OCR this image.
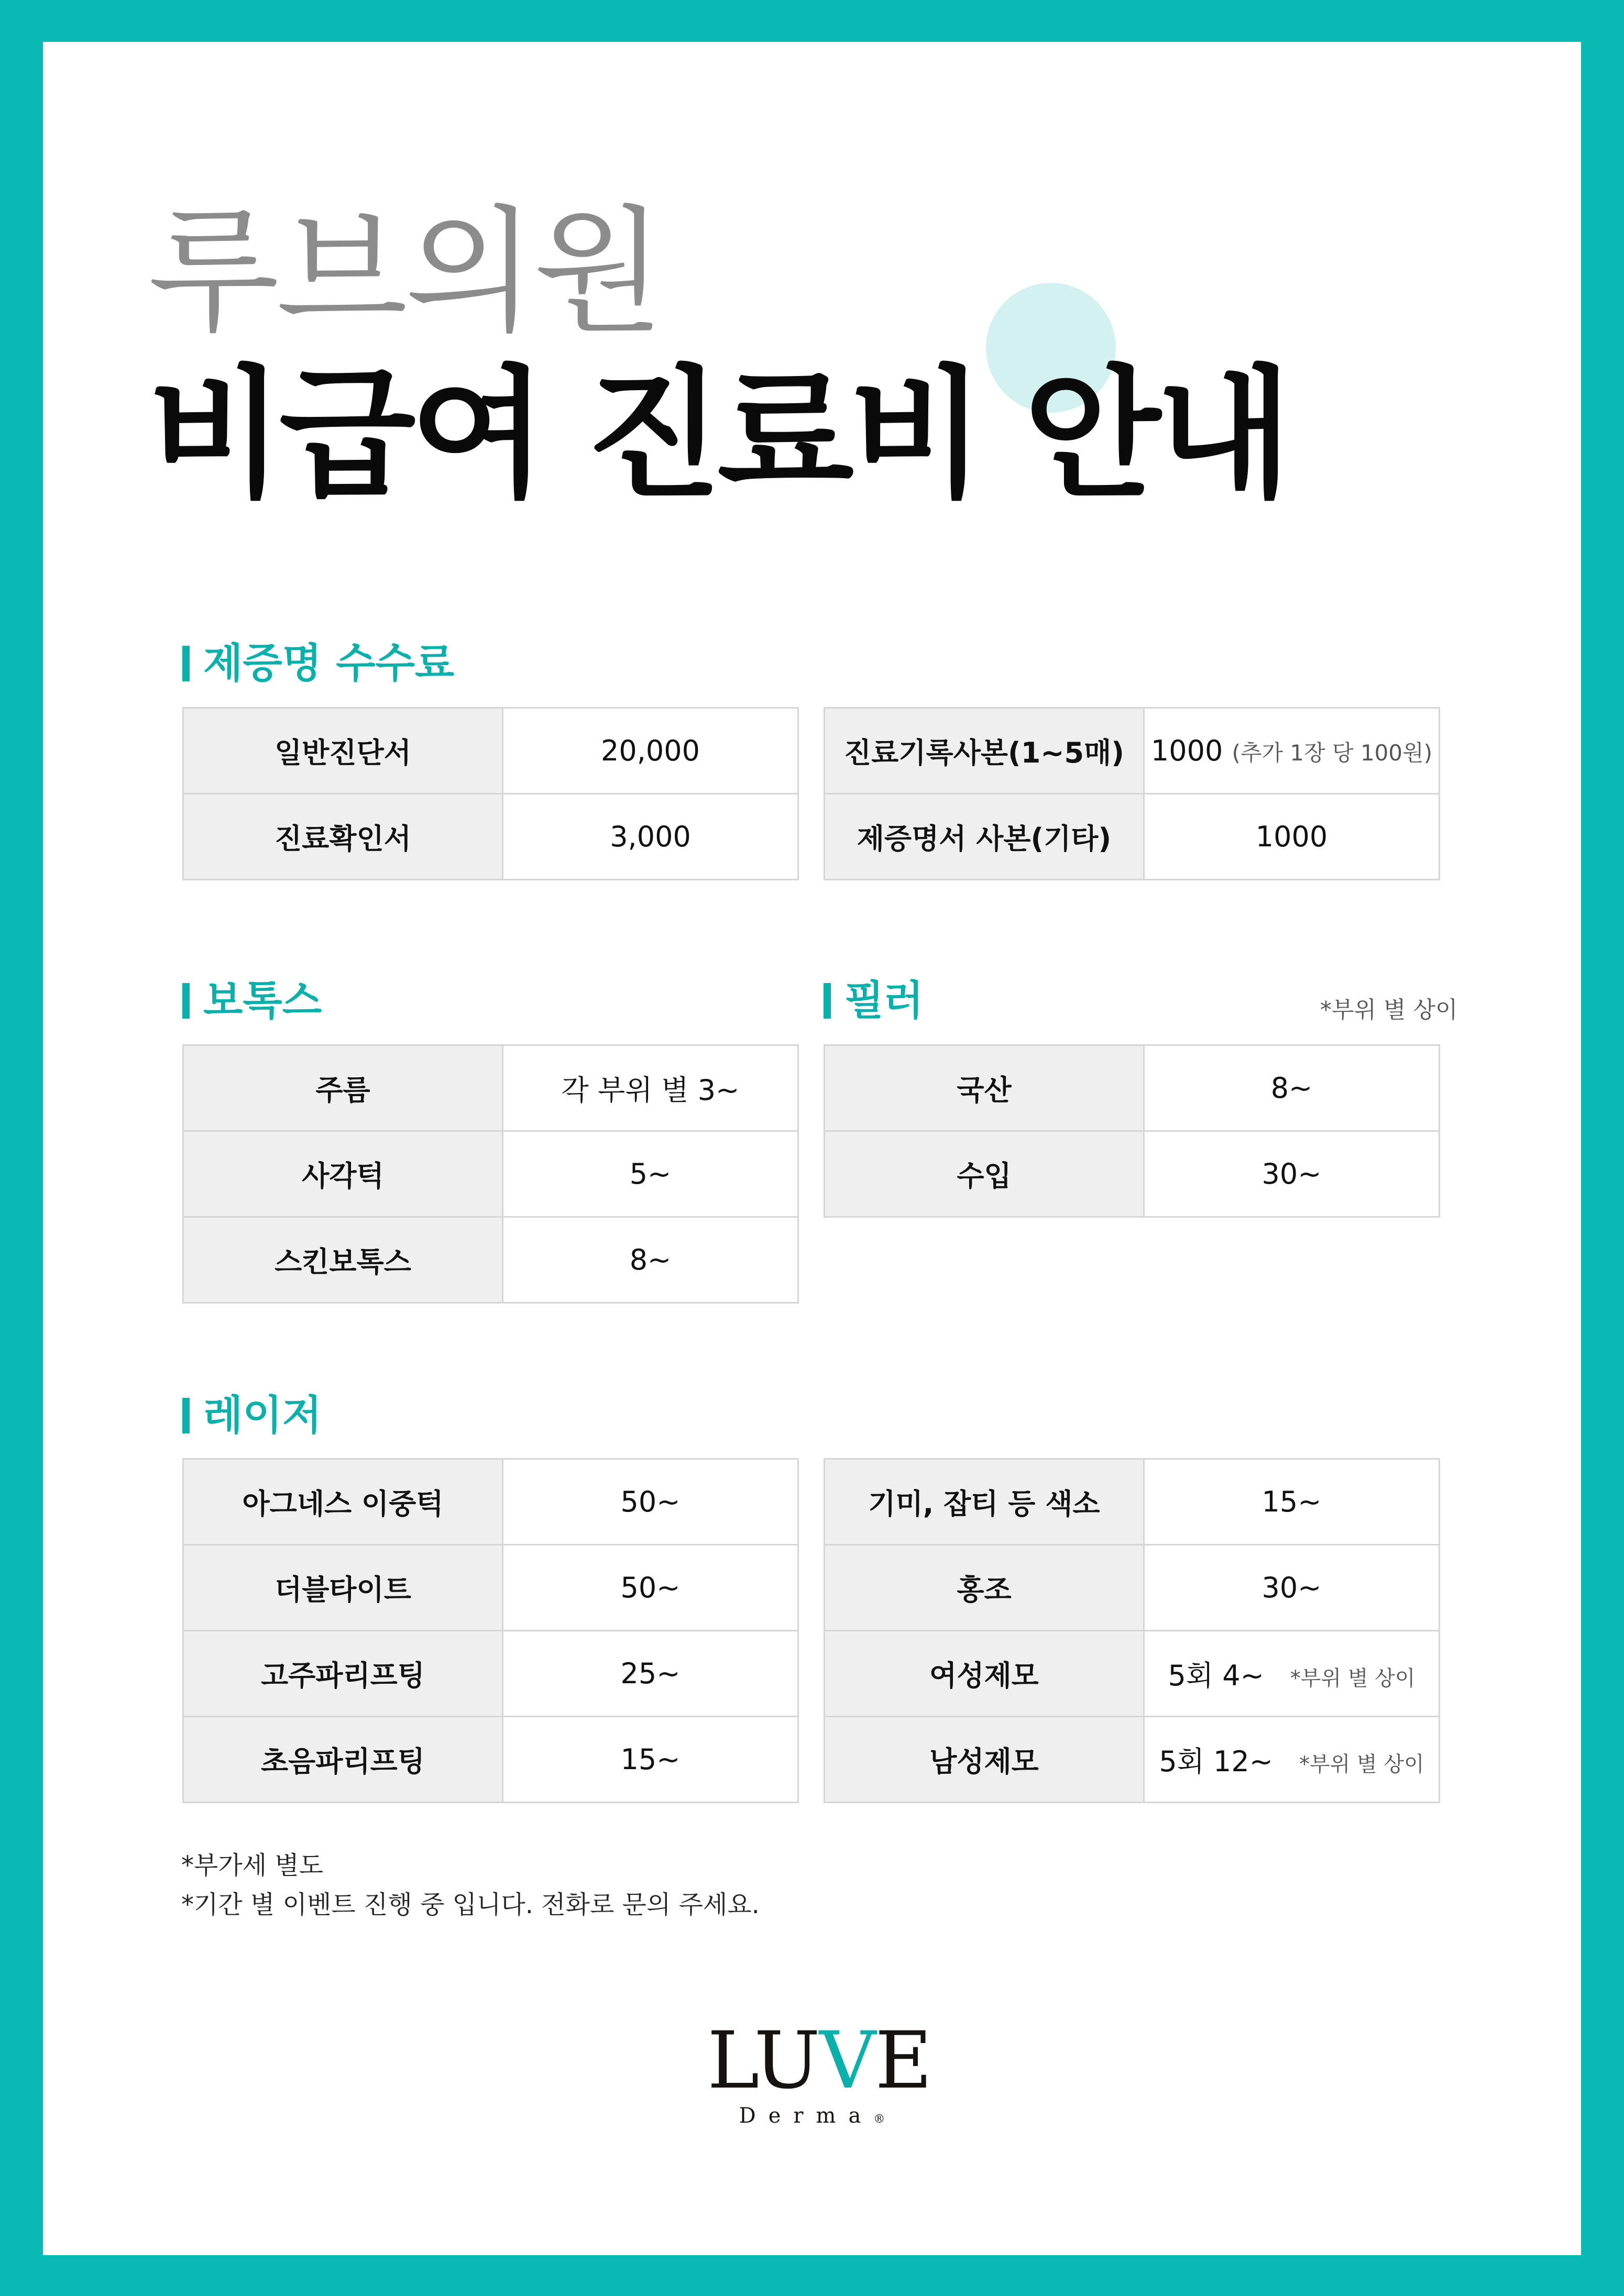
루브의원
비급여 진료비 안내
제증명 수수료
일반진단서	20,000
진료확인서	3,000
진료기록사본(1~5매)	1000 (추가 1장 당 100원)
제증명서 사본(기타)	1000
보톡스
주름	각 부위 별 3~
사각턱	5~
스킨보톡스	8~
필러	*부위 별 상이
국산	8~
수입	30~
레이저
아그네스 이중턱	50~
더블타이트	50~
고주파리프팅	25~
초음파리프팅	15~
기미, 잡티 등 색소	15~
홍조	30~
여성제모	5회 4~ *부위 별 상이
남성제모	5회 12~ *부위 별 상이
*부가세 별도
*기간 별 이벤트 진행 중 입니다. 전화로 문의 주세요.
LUVE
Derma®
